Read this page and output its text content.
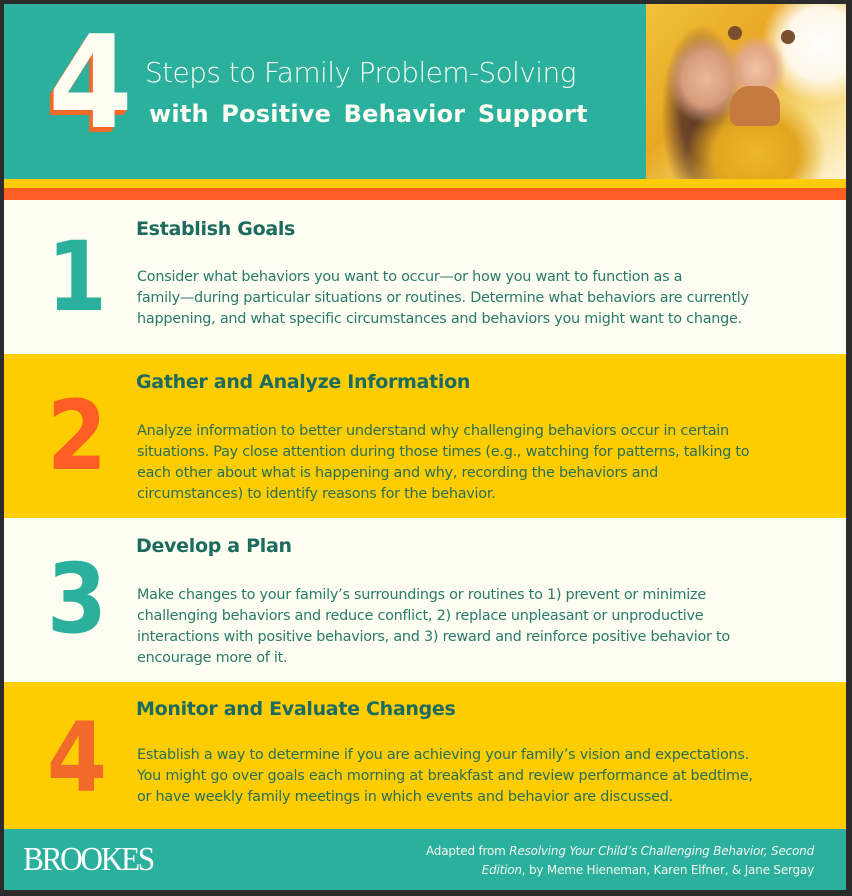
4 Steps to Family Problem-Solving
with Positive Behavior Support
1 Establish Goals
Consider what behaviors you want to occur—or how you want to function as a
family—during particular situations or routines. Determine what behaviors are currently
happening, and what specific circumstances and behaviors you might want to change.
2 Gather and Analyze Information
Analyze information to better understand why challenging behaviors occur in certain
situations. Pay close attention during those times (e.g., watching for patterns, talking to
each other about what is happening and why, recording the behaviors and
circumstances) to identify reasons for the behavior.
3 Develop a Plan
Make changes to your family’s surroundings or routines to 1) prevent or minimize
challenging behaviors and reduce conflict, 2) replace unpleasant or unproductive
interactions with positive behaviors, and 3) reward and reinforce positive behavior to
encourage more of it.
4 Monitor and Evaluate Changes
Establish a way to determine if you are achieving your family’s vision and expectations.
You might go over goals each morning at breakfast and review performance at bedtime,
or have weekly family meetings in which events and behavior are discussed.
BROOKES	Adapted from Resolving Your Child’s Challenging Behavior, Second
Edition, by Meme Hieneman, Karen Elfner, & Jane Sergay
